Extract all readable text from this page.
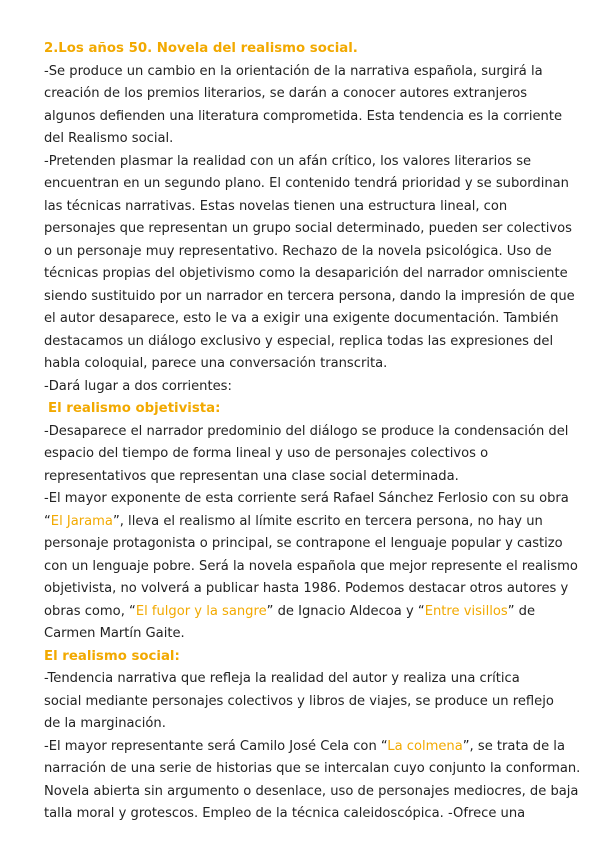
2.Los años 50. Novela del realismo social.
-Se produce un cambio en la orientación de la narrativa española, surgirá la
creación de los premios literarios, se darán a conocer autores extranjeros
algunos defienden una literatura comprometida. Esta tendencia es la corriente
del Realismo social.
-Pretenden plasmar la realidad con un afán crítico, los valores literarios se
encuentran en un segundo plano. El contenido tendrá prioridad y se subordinan
las técnicas narrativas. Estas novelas tienen una estructura lineal, con
personajes que representan un grupo social determinado, pueden ser colectivos
o un personaje muy representativo. Rechazo de la novela psicológica. Uso de
técnicas propias del objetivismo como la desaparición del narrador omnisciente
siendo sustituido por un narrador en tercera persona, dando la impresión de que
el autor desaparece, esto le va a exigir una exigente documentación. También
destacamos un diálogo exclusivo y especial, replica todas las expresiones del
habla coloquial, parece una conversación transcrita.
-Dará lugar a dos corrientes:
El realismo objetivista:
-Desaparece el narrador predominio del diálogo se produce la condensación del
espacio del tiempo de forma lineal y uso de personajes colectivos o
representativos que representan una clase social determinada.
-El mayor exponente de esta corriente será Rafael Sánchez Ferlosio con su obra
“El Jarama”, lleva el realismo al límite escrito en tercera persona, no hay un
personaje protagonista o principal, se contrapone el lenguaje popular y castizo
con un lenguaje pobre. Será la novela española que mejor represente el realismo
objetivista, no volverá a publicar hasta 1986. Podemos destacar otros autores y
obras como, “El fulgor y la sangre” de Ignacio Aldecoa y “Entre visillos” de
Carmen Martín Gaite.
El realismo social:
-Tendencia narrativa que refleja la realidad del autor y realiza una crítica
social mediante personajes colectivos y libros de viajes, se produce un reflejo
de la marginación.
-El mayor representante será Camilo José Cela con “La colmena”, se trata de la
narración de una serie de historias que se intercalan cuyo conjunto la conforman.
Novela abierta sin argumento o desenlace, uso de personajes mediocres, de baja
talla moral y grotescos. Empleo de la técnica caleidoscópica. -Ofrece una
